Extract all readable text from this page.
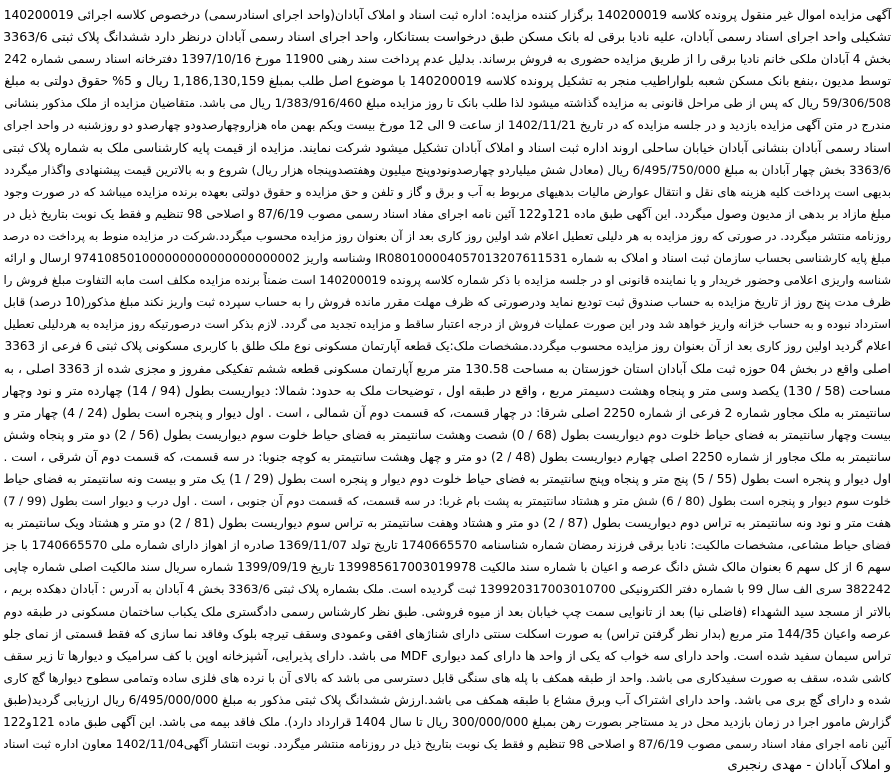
آگهی مزایده اموال غیر منقول پرونده کلاسه 140200019 برگزار کننده مزایده: اداره ثبت اسناد و املاک آبادان(واحد اجرای اسنادرسمی) درخصوص کلاسه اجرائی 140200019
تشکیلی واحد اجرای اسناد رسمی آبادان، علیه نادیا برقی له بانک مسکن طبق درخواست بستانکار، واحد اجرای اسناد رسمی آبادان درنظر دارد ششدانگ پلاک ثبتی 3363/6
بخش 4 آبادان ملکی خانم نادیا برقی را از طریق مزایده حضوری به فروش برساند. بدلیل عدم پرداخت سند رهنی 11900 مورخ 1397/10/16 دفترخانه اسناد رسمی شماره 242
توسط مدیون ،بنفع بانک مسکن شعبه بلواراطیب منجر به تشکیل پرونده کلاسه 140200019 با موضوع اصل طلب بمبلغ 1,186,130,159 ریال و 5% حقوق دولتی به مبلغ
59/306/508 ریال که پس از طی مراحل قانونی به مزایده گذاشته میشود لذا طلب بانک تا روز مزایده مبلغ 1/383/916/460 ریال می باشد. متقاضیان مزایده از ملک مذکور بنشانی
مندرج در متن آگهی مزایده بازدید و در جلسه مزایده که در تاریخ 1402/11/21 از ساعت 9 الی 12 مورخ بیست ویکم بهمن ماه هزاروچهارصدودو چهارصدو دو روزشنبه در واحد اجرای
اسناد رسمی آبادان بنشانی آبادان خیابان ساحلی اروند اداره ثبت اسناد و املاک آبادان تشکیل میشود شرکت نمایند. مزایده از قیمت پایه کارشناسی ملک به شماره پلاک ثبتی
3363/6 بخش چهار آبادان به مبلغ 6/495/750/000 ریال (معادل شش میلیاردو چهارصدونودوپنج میلیون وهفتصدوپنجاه هزار ریال) شروع و به بالاترین قیمت پیشنهادی واگذار میگردد
بدیهی است پرداخت کلیه هزینه های نقل و انتقال عوارض مالیات بدهیهای مربوط به آب و برق و گاز و تلفن و حق مزایده و حقوق دولتی بعهده برنده مزایده میباشد که در صورت وجود
مبلغ مازاد بر بدهی از مدیون وصول میگردد. این آگهی طبق ماده 121و122 آئین نامه اجرای مفاد اسناد رسمی مصوب 87/6/19 و اصلاحی 98 تنظیم و فقط یک نوبت بتاریخ ذیل در
روزنامه منتشر میگردد. در صورتی که روز مزایده به هر دلیلی تعطیل اعلام شد اولین روز کاری بعد از آن بعنوان روز مزایده محسوب میگردد.شرکت در مزایده منوط به پرداخت ده درصد
مبلغ پایه کارشناسی بحساب سازمان ثبت اسناد و املاک به شماره IR080100004057013207611531 وشناسه واریز 974108501000000000000000000002 ارسال و ارائه
شناسه واریزی اعلامی وحضور خریدار و یا نماینده قانونی او در جلسه مزایده با ذکر شماره کلاسه پرونده 140200019 است ضمناً برنده مزایده مکلف است مابه التفاوت مبلغ فروش را
ظرف مدت پنج روز از تاریخ مزایده به حساب صندوق ثبت تودیع نماید ودرصورتی که ظرف مهلت مقرر مانده فروش را به حساب سپرده ثبت واریز نکند مبلغ مذکور(10 درصد) قابل
استرداد نبوده و به حساب خزانه واریز خواهد شد ودر این صورت عملیات فروش از درجه اعتبار ساقط و مزایده تجدید می گردد. لازم بذکر است درصورتیکه روز مزایده به هردلیلی تعطیل
اعلام گردید اولین روز کاری بعد از آن بعنوان روز مزایده محسوب میگردد.مشخصات ملک:یک قطعه آپارتمان مسکونی نوع ملک طلق با کاربری مسکونی پلاک ثبتی 6 فرعی از 3363
اصلی واقع در بخش 04 حوزه ثبت ملک آبادان استان خوزستان به مساحت 130.58 متر مربع آپارتمان مسکونی قطعه ششم تفکیکی مفروز و مجزی شده از 3363 اصلی ، به
مساحت (58 / 130) یکصد وسی متر و پنجاه وهشت دسیمتر مربع ، واقع در طبقه اول ، توضیحات ملک به حدود: شمالا: دیواریست بطول (94 / 14) چهارده متر و نود وچهار
سانتیمتر به ملک مجاور شماره 2 فرعی از شماره 2250 اصلی شرقا: در چهار قسمت، که قسمت دوم آن شمالی ، است . اول دیوار و پنجره است بطول (24 / 4) چهار متر و
بیست وچهار سانتیمتر به فضای حیاط خلوت دوم دیواریست بطول (68 / 0) شصت وهشت سانتیمتر به فضای حیاط خلوت سوم دیواریست بطول (56 / 2) دو متر و پنجاه وشش
سانتیمتر به ملک مجاور از شماره 2250 اصلی چهارم دیواریست بطول (48 / 2) دو متر و چهل وهشت سانتیمتر به کوچه جنوبا: در سه قسمت، که قسمت دوم آن شرقی ، است .
اول دیوار و پنجره است بطول (55 / 5) پنج متر و پنجاه وپنج سانتیمتر به فضای حیاط خلوت دوم دیوار و پنجره است بطول (29 / 1) یک متر و بیست ونه سانتیمتر به فضای حیاط
خلوت سوم دیوار و پنجره است بطول (80 / 6) شش متر و هشتاد سانتیمتر به پشت بام غربا: در سه قسمت، که قسمت دوم آن جنوبی ، است . اول درب و دیوار است بطول (99 / 7)
هفت متر و نود ونه سانتیمتر به تراس دوم دیواریست بطول (87 / 2) دو متر و هشتاد وهفت سانتیمتر به تراس سوم دیواریست بطول (81 / 2) دو متر و هشتاد ویک سانتیمتر به
فضای حیاط مشاعی، مشخصات مالکیت: نادیا برقی فرزند رمضان شماره شناسنامه 1740665570 تاریخ تولد 1369/11/07 صادره از اهواز دارای شماره ملی 1740665570 با جز
سهم 6 از کل سهم 6 بعنوان مالک شش دانگ عرصه و اعیان با شماره سند مالکیت 139985617003019978 تاریخ 1399/09/19 شماره سریال سند مالکیت اصلی شماره چاپی
382242 سری الف سال 99 با شماره دفتر الکترونیکی 139920317003010700 ثبت گردیده است. ملک بشماره پلاک ثبتی 3363/6 بخش 4 آبادان به آدرس : آبادان دهکده بریم ،
بالاتر از مسجد سید الشهداء (فاضلی نیا) بعد از تانوایی سمت چپ خیابان بعد از میوه فروشی. طبق نظر کارشناس رسمی دادگستری ملک یکباب ساختمان مسکونی در طبقه دوم
عرصه واعیان 144/35 متر مربع (بدار نظر گرفتن تراس) به صورت اسکلت سنتی دارای شناژهای افقی وعمودی وسقف تیرچه بلوک وفاقد نما سازی که فقط قسمتی از نمای جلو
تراس سیمان سفید شده است. واحد دارای سه خواب که یکی از واحد ها دارای کمد دیواری MDF می باشد. دارای پذیرایی، آشپزخانه اوپن با کف سرامیک و دیوارها تا زیر سقف
کاشی شده، سقف به صورت سفیدکاری می باشد. واحد از طبقه همکف با پله های سنگی قابل دسترسی می باشد که بالای آن با نرده های فلزی ساده وتمامی سطوح دیوارها گچ کاری
شده و دارای گچ بری می باشد. واحد دارای اشتراک آب وبرق مشاع با طبقه همکف می باشد.ارزش ششدانگ پلاک ثبتی مذکور به مبلغ 6/495/000/000 ریال ارزیابی گردید(طبق
گزارش مامور اجرا در زمان بازدید محل در ید مستاجر بصورت رهن بمبلغ 300/000/000 ریال تا سال 1404 قرارداد دارد). ملک فاقد بیمه می باشد. این آگهی طبق ماده 121و122
آئین نامه اجرای مفاد اسناد رسمی مصوب 87/6/19 و اصلاحی 98 تنظیم و فقط یک نوبت بتاریخ ذیل در روزنامه منتشر میگردد. نوبت انتشار آگهی1402/11/04 معاون اداره ثبت اسناد
و املاک آبادان - مهدی رنجبری
